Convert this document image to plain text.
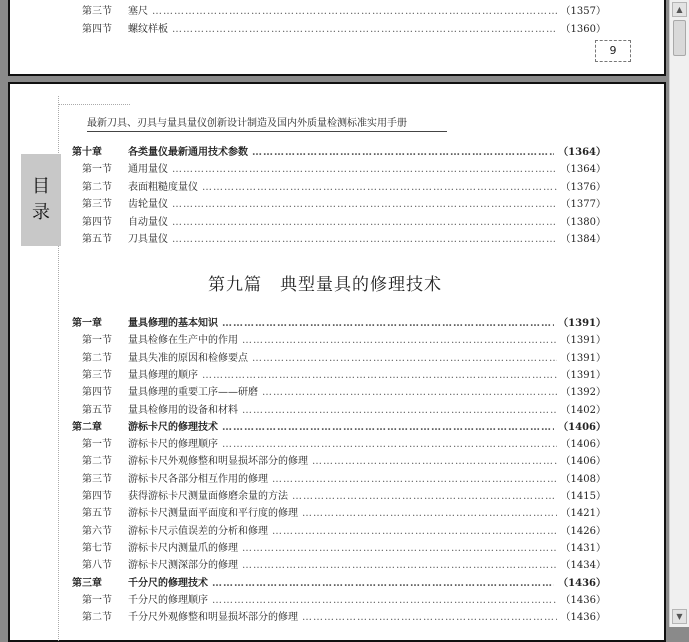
第三节	塞尺 …………………………………………………………………………………………………………………………………………………………………………………	（1357）
第四节	螺纹样板 …………………………………………………………………………………………………………………………………………………………………………………	（1360）
9
最新刀具、刃具与量具量仪创新设计制造及国内外质量检测标准实用手册
目
录
第十章	各类量仪最新通用技术参数 …………………………………………………………………………………………………………………………………………………………………………………	（1364）
第一节	通用量仪 …………………………………………………………………………………………………………………………………………………………………………………	（1364）
第二节	表面粗糙度量仪 …………………………………………………………………………………………………………………………………………………………………………………	（1376）
第三节	齿轮量仪 …………………………………………………………………………………………………………………………………………………………………………………	（1377）
第四节	自动量仪 …………………………………………………………………………………………………………………………………………………………………………………	（1380）
第五节	刀具量仪 …………………………………………………………………………………………………………………………………………………………………………………	（1384）
第九篇　典型量具的修理技术
第一章	量具修理的基本知识 …………………………………………………………………………………………………………………………………………………………………………………	（1391）
第一节	量具检修在生产中的作用 …………………………………………………………………………………………………………………………………………………………………………………	（1391）
第二节	量具失准的原因和检修要点 …………………………………………………………………………………………………………………………………………………………………………………	（1391）
第三节	量具修理的顺序 …………………………………………………………………………………………………………………………………………………………………………………	（1391）
第四节	量具修理的重要工序——研磨 …………………………………………………………………………………………………………………………………………………………………………………	（1392）
第五节	量具检修用的设备和材料 …………………………………………………………………………………………………………………………………………………………………………………	（1402）
第二章	游标卡尺的修理技术 …………………………………………………………………………………………………………………………………………………………………………………	（1406）
第一节	游标卡尺的修理顺序 …………………………………………………………………………………………………………………………………………………………………………………	（1406）
第二节	游标卡尺外观修整和明显损坏部分的修理 …………………………………………………………………………………………………………………………………………………………………………………	（1406）
第三节	游标卡尺各部分相互作用的修理 …………………………………………………………………………………………………………………………………………………………………………………	（1408）
第四节	获得游标卡尺测量面修磨余量的方法 …………………………………………………………………………………………………………………………………………………………………………………	（1415）
第五节	游标卡尺测量面平面度和平行度的修理 …………………………………………………………………………………………………………………………………………………………………………………	（1421）
第六节	游标卡尺示值误差的分析和修理 …………………………………………………………………………………………………………………………………………………………………………………	（1426）
第七节	游标卡尺内测量爪的修理 …………………………………………………………………………………………………………………………………………………………………………………	（1431）
第八节	游标卡尺测深部分的修理 …………………………………………………………………………………………………………………………………………………………………………………	（1434）
第三章	千分尺的修理技术 …………………………………………………………………………………………………………………………………………………………………………………	（1436）
第一节	千分尺的修理顺序 …………………………………………………………………………………………………………………………………………………………………………………	（1436）
第二节	千分尺外观修整和明显损坏部分的修理 …………………………………………………………………………………………………………………………………………………………………………………	（1436）
▲
▼
